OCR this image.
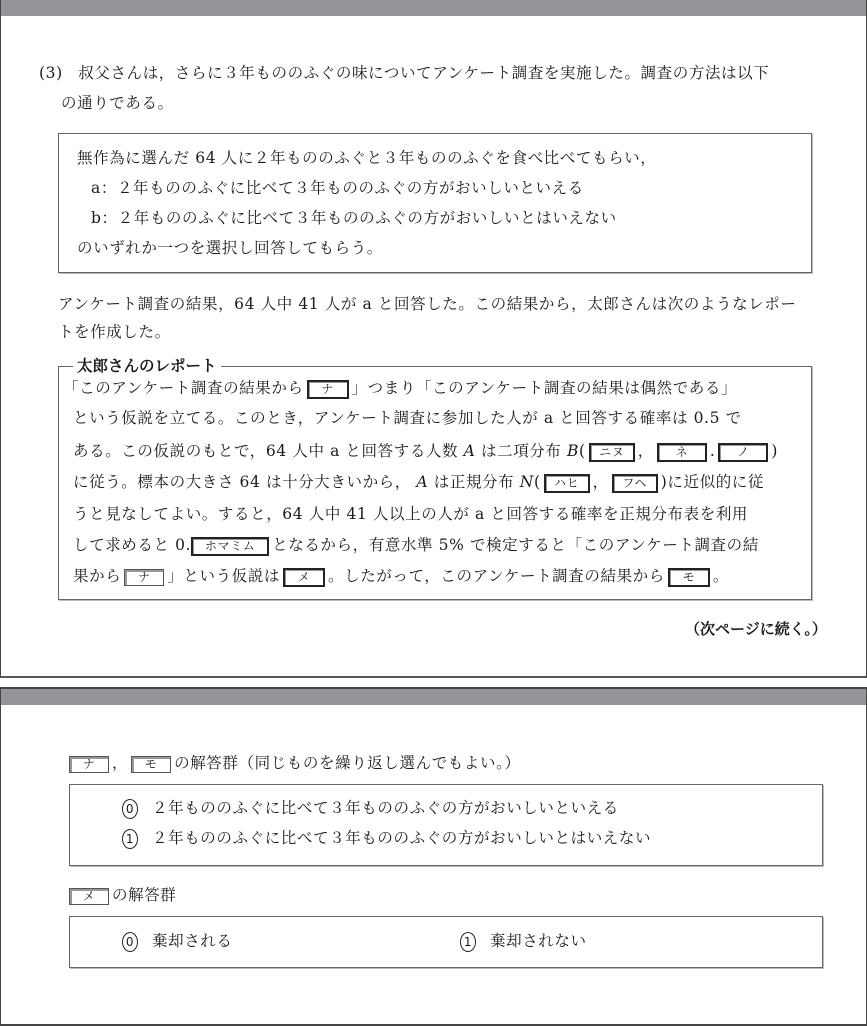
(3) 叔父さんは，さらに３年もののふぐの味についてアンケート調査を実施した。調査の方法は以下
の通りである。
無作為に選んだ 64 人に２年もののふぐと３年もののふぐを食べ比べてもらい，
a：２年もののふぐに比べて３年もののふぐの方がおいしいといえる
b：２年もののふぐに比べて３年もののふぐの方がおいしいとはいえない
のいずれか一つを選択し回答してもらう。
アンケート調査の結果，64 人中 41 人が a と回答した。この結果から，太郎さんは次のようなレポー
トを作成した。
「このアンケート調査の結果から ナ 」つまり「このアンケート調査の結果は偶然である」
という仮説を立てる。このとき，アンケート調査に参加した人が a と回答する確率は 0.5 で
ある。この仮説のもとで，64 人中 a と回答する人数 A は二項分布 B( ニヌ ， ネ . ノ )
に従う。標本の大きさ 64 は十分大きいから， A は正規分布 N( ハヒ ， フヘ )に近似的に従
うと見なしてよい。すると，64 人中 41 人以上の人が a と回答する確率を正規分布表を利用
して求めると 0. ホマミム となるから，有意水準 5% で検定すると「このアンケート調査の結
果から ナ 」という仮説は メ 。したがって，このアンケート調査の結果から モ 。
太郎さんのレポート
（次ページに続く。）
ナ ， モ の解答群（同じものを繰り返し選んでもよい。）
0 ２年もののふぐに比べて３年もののふぐの方がおいしいといえる
1 ２年もののふぐに比べて３年もののふぐの方がおいしいとはいえない
メ の解答群
0 棄却される	1 棄却されない
